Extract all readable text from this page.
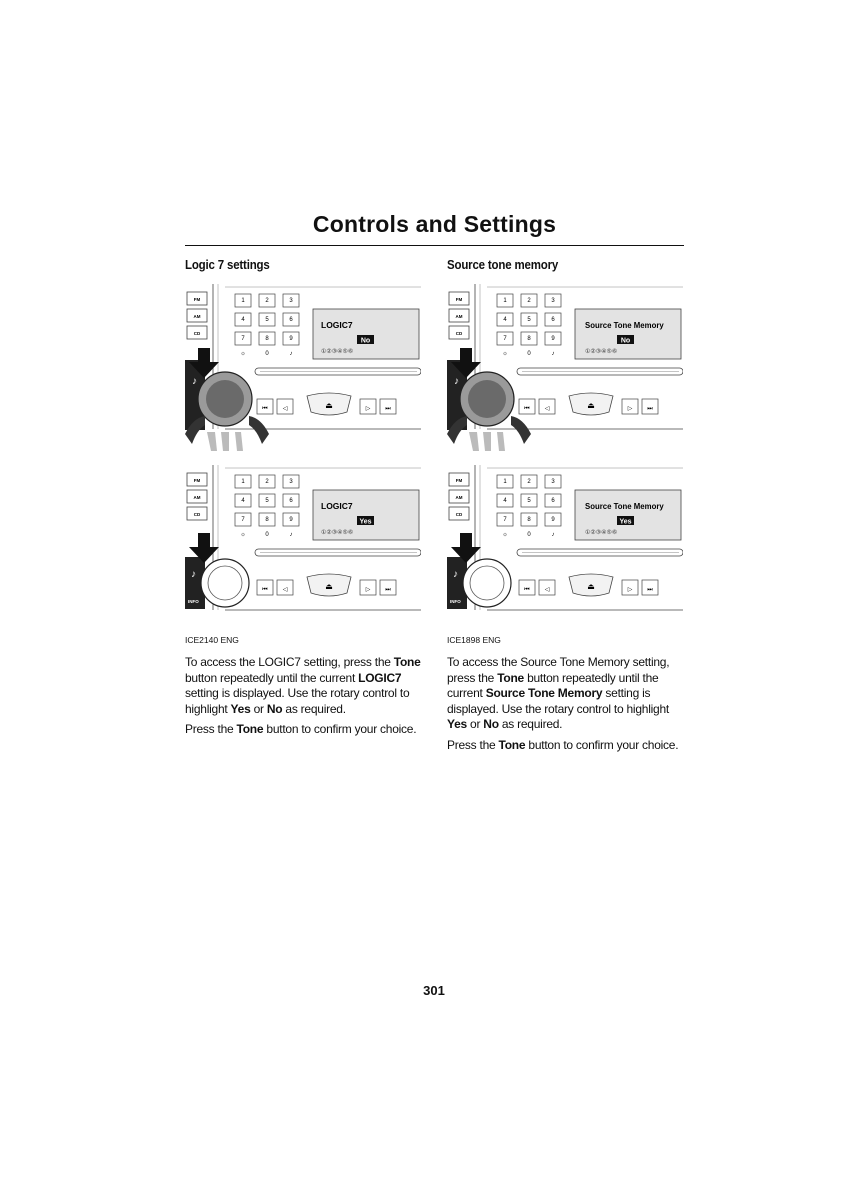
Controls and Settings
Logic 7 settings
FM
AM
CD
1	2	3
4	5	6
7	8	9
☼	0	♪
LOGIC7
No
①②③④⑤⑥
⏮ ◁	⏏	▷ ⏭
♪
FM
AM
CD
1	2	3
4	5	6
7	8	9
☼	0	♪
LOGIC7
Yes
①②③④⑤⑥
⏮ ◁	⏏	▷ ⏭
♪
INFO
ICE2140 ENG

To access the LOGIC7 setting, press the Tone button repeatedly until the current LOGIC7 setting is displayed. Use the rotary control to highlight Yes or No as required.

Press the Tone button to confirm your choice.

Source tone memory
FM
AM
CD
1	2	3
4	5	6
7	8	9
☼	0	♪
Source Tone Memory
No
①②③④⑤⑥
⏮ ◁	⏏	▷ ⏭
♪
FM
AM
CD
1	2	3
4	5	6
7	8	9
☼	0	♪
Source Tone Memory
Yes
①②③④⑤⑥
⏮ ◁	⏏	▷ ⏭
♪
INFO
ICE1898 ENG

To access the Source Tone Memory setting, press the Tone button repeatedly until the current Source Tone Memory setting is displayed. Use the rotary control to highlight Yes or No as required.

Press the Tone button to confirm your choice.

301
